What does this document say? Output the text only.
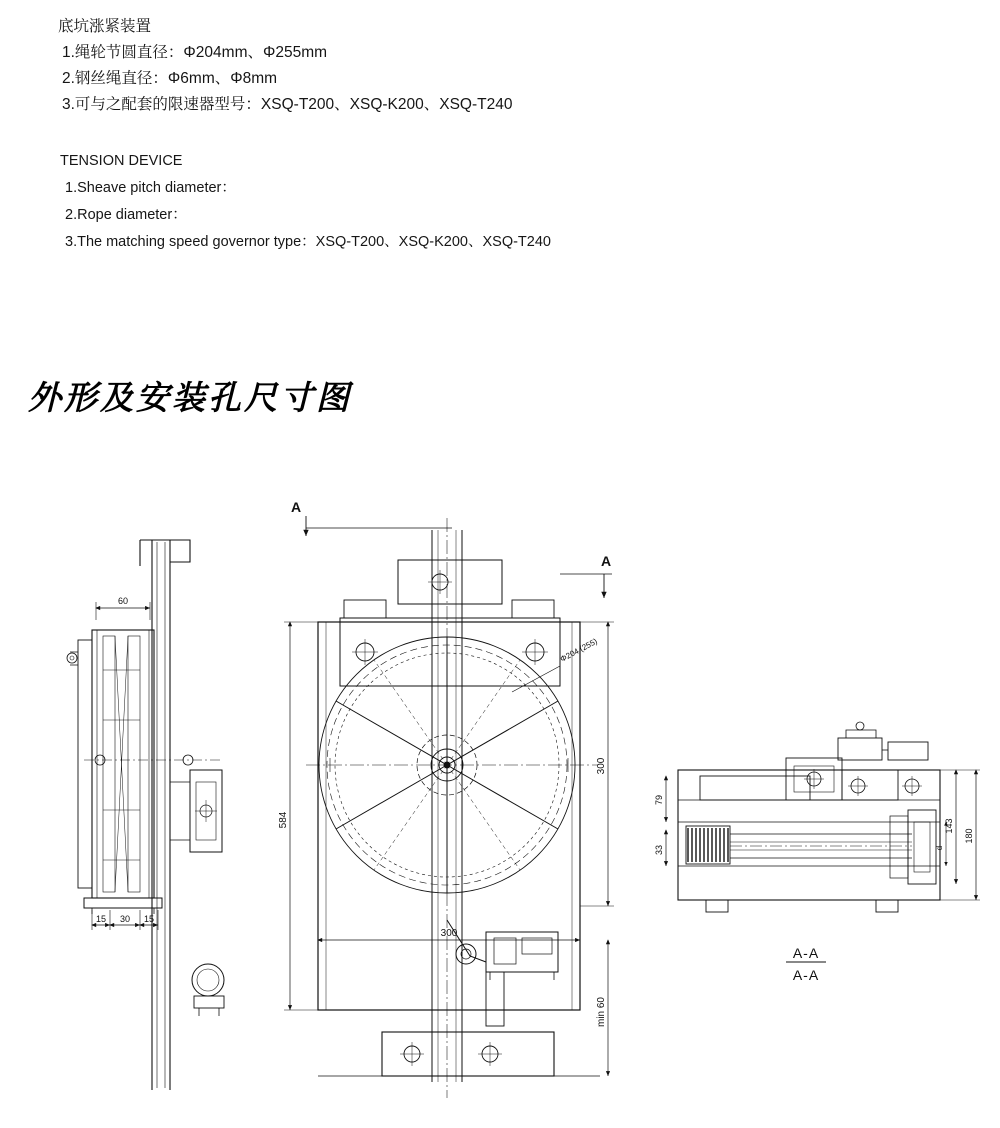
底坑涨紧装置
1.绳轮节圆直径：Φ204mm、Φ255mm
2.钢丝绳直径：Φ6mm、Φ8mm
3.可与之配套的限速器型号：XSQ-T200、XSQ-K200、XSQ-T240
TENSION DEVICE
1.Sheave pitch diameter：
2.Rope diameter：
3.The matching speed governor type：XSQ-T200、XSQ-K200、XSQ-T240
外形及安装孔尺寸图
60
15 30 15
584
300
300
min 60
Φ204 (255)
A
A
79
33
180
143
d
A-A
A-A
